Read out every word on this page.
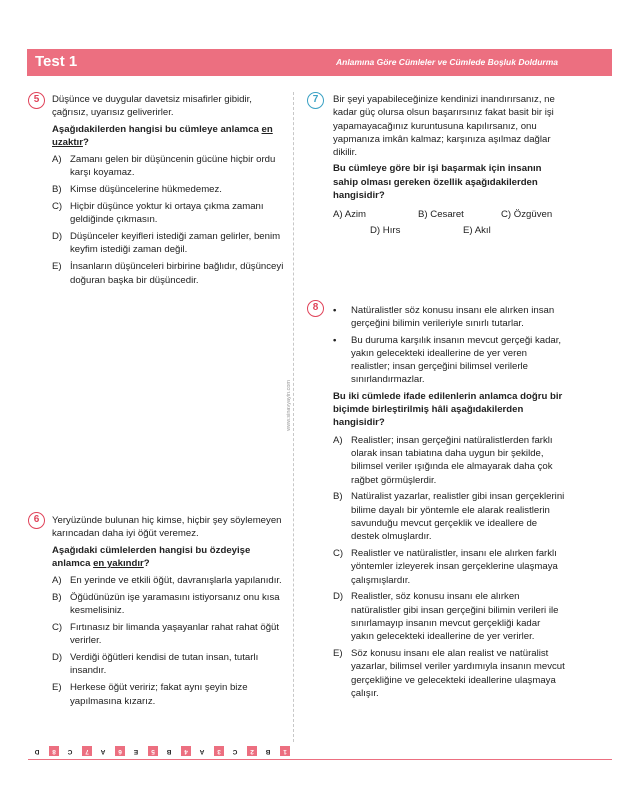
Test 1	Anlamına Göre Cümleler ve Cümlede Boşluk Doldurma
www.sinavyayin.com
5	Düşünce ve duygular davetsiz misafirler gibidir, çağrısız, uyarısız geliverirler.
Aşağıdakilerden hangisi bu cümleye anlamca en uzaktır?
A) Zamanı gelen bir düşüncenin gücüne hiçbir ordu karşı koyamaz.
B) Kimse düşüncelerine hükmedemez.
C) Hiçbir düşünce yoktur ki ortaya çıkma zamanı geldiğinde çıkmasın.
D) Düşünceler keyifleri istediği zaman gelirler, benim keyfim istediği zaman değil.
E) İnsanların düşünceleri birbirine bağlıdır, düşünceyi doğuran başka bir düşüncedir.
6	Yeryüzünde bulunan hiç kimse, hiçbir şey söylemeyen karıncadan daha iyi öğüt veremez.
Aşağıdaki cümlelerden hangisi bu özdeyişe anlamca en yakındır?
A) En yerinde ve etkili öğüt, davranışlarla yapılanıdır.
B) Öğüdünüzün işe yaramasını istiyorsanız onu kısa kesmelisiniz.
C) Fırtınasız bir limanda yaşayanlar rahat rahat öğüt verirler.
D) Verdiği öğütleri kendisi de tutan insan, tutarlı insandır.
E) Herkese öğüt veririz; fakat aynı şeyin bize yapılmasına kızarız.
7	Bir şeyi yapabileceğinize kendinizi inandırırsanız, ne kadar güç olursa olsun başarırsınız fakat basit bir işi yapamayacağınız kuruntusuna kapılırsanız, onu yapmanıza imkân kalmaz; karşınıza aşılmaz dağlar dikilir.
Bu cümleye göre bir işi başarmak için insanın sahip olması gereken özellik aşağıdakilerden hangisidir?
A) Azim	B) Cesaret	C) Özgüven
D) Hırs	E) Akıl
8	•	Natüralistler söz konusu insanı ele alırken insan gerçeğini bilimin verileriyle sınırlı tutarlar.
•	Bu duruma karşılık insanın mevcut gerçeği kadar, yakın gelecekteki ideallerine de yer veren realistler; insan gerçeğini bilimsel verilerle sınırlandırmazlar.
Bu iki cümlede ifade edilenlerin anlamca doğru bir biçimde birleştirilmiş hâli aşağıdakilerden hangisidir?
A) Realistler; insan gerçeğini natüralistlerden farklı olarak insan tabiatına daha uygun bir şekilde, bilimsel veriler ışığında ele almayarak daha çok rağbet görmüşlerdir.
B) Natüralist yazarlar, realistler gibi insan gerçeklerini bilime dayalı bir yöntemle ele alarak realistlerin savunduğu mevcut gerçeklik ve ideallere de destek olmuşlardır.
C) Realistler ve natüralistler, insanı ele alırken farklı yöntemler izleyerek insan gerçeklerine ulaşmaya çalışmışlardır.
D) Realistler, söz konusu insanı ele alırken natüralistler gibi insan gerçeğini bilimin verileri ile sınırlamayıp insanın mevcut gerçekliği kadar yakın gelecekteki ideallerine de yer verirler.
E) Söz konusu insanı ele alan realist ve natüralist yazarlar, bilimsel veriler yardımıyla insanın mevcut gerçekliğine ve gelecekteki ideallerine ulaşmaya çalışır.
D	8	C	7	A	6	E	5	B	4	A	3	C	2	B	1
